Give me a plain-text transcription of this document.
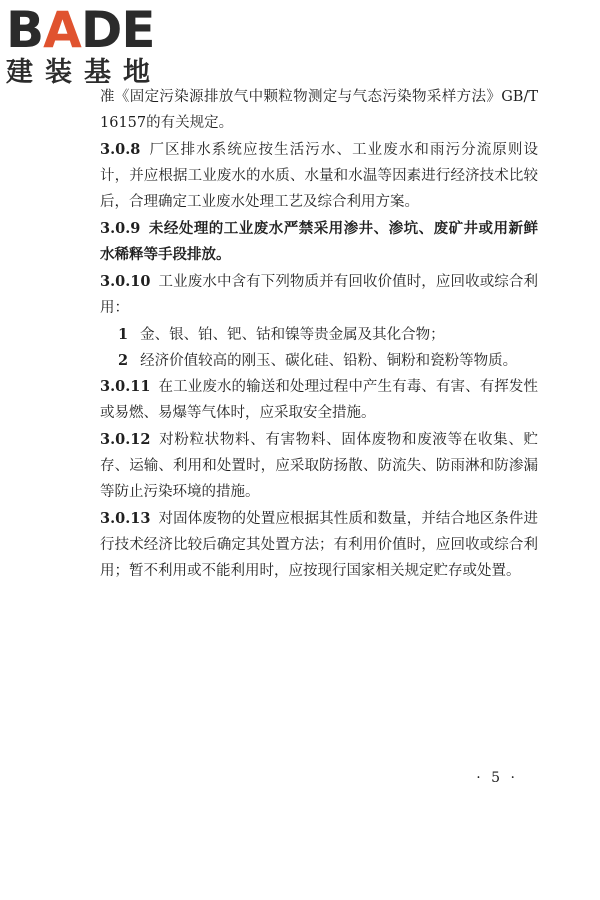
BADE
建装基地

准《固定污染源排放气中颗粒物测定与气态污染物采样方法》GB/T 16157的有关规定。

3.0.8 厂区排水系统应按生活污水、工业废水和雨污分流原则设计，并应根据工业废水的水质、水量和水温等因素进行经济技术比较后，合理确定工业废水处理工艺及综合利用方案。

3.0.9 未经处理的工业废水严禁采用渗井、渗坑、废矿井或用新鲜水稀释等手段排放。

3.0.10 工业废水中含有下列物质并有回收价值时，应回收或综合利用：

1 金、银、铂、钯、钴和镍等贵金属及其化合物；

2 经济价值较高的刚玉、碳化硅、铅粉、铜粉和瓷粉等物质。

3.0.11 在工业废水的输送和处理过程中产生有毒、有害、有挥发性或易燃、易爆等气体时，应采取安全措施。

3.0.12 对粉粒状物料、有害物料、固体废物和废液等在收集、贮存、运输、利用和处置时，应采取防扬散、防流失、防雨淋和防渗漏等防止污染环境的措施。

3.0.13 对固体废物的处置应根据其性质和数量，并结合地区条件进行技术经济比较后确定其处置方法；有利用价值时，应回收或综合利用；暂不利用或不能利用时，应按现行国家相关规定贮存或处置。

· 5 ·
